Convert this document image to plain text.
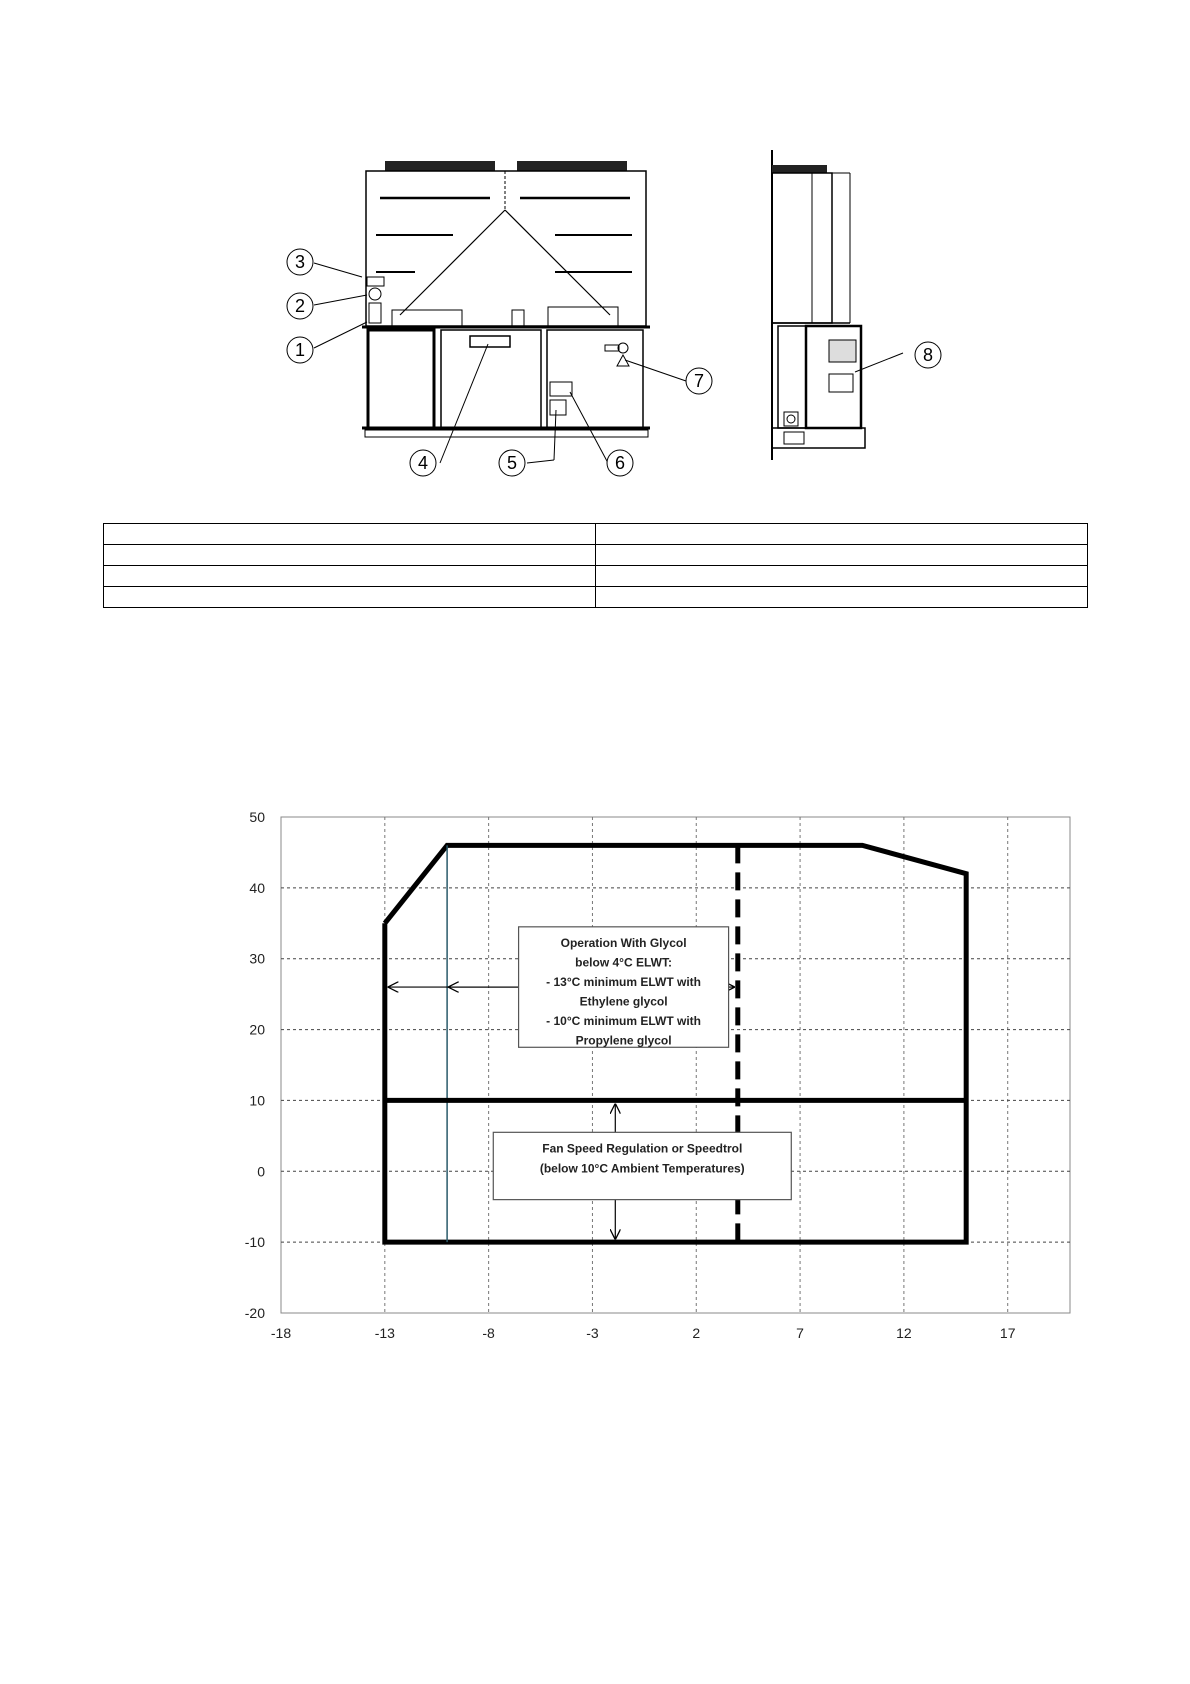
3
2
1
4	5	6
7
8

-18	-13	-8	-3	2	7	12	17
50
40
30
20
10
0
-10
-20
Operation With Glycol
below 4°C ELWT:
- 13°C minimum ELWT with
Ethylene glycol
- 10°C minimum ELWT with
Propylene glycol
Fan Speed Regulation or Speedtrol
(below 10°C Ambient Temperatures)
